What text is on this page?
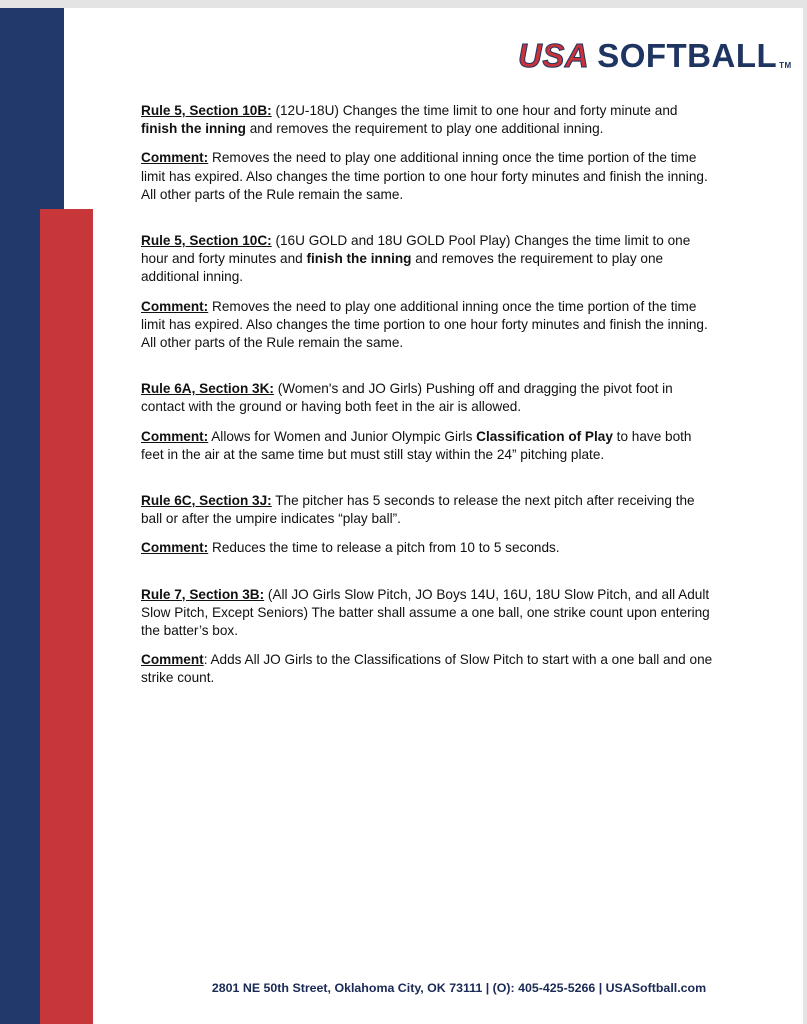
USA SOFTBALL TM

Rule 5, Section 10B: (12U-18U) Changes the time limit to one hour and forty minute and finish the inning and removes the requirement to play one additional inning.

Comment: Removes the need to play one additional inning once the time portion of the time limit has expired. Also changes the time portion to one hour forty minutes and finish the inning. All other parts of the Rule remain the same.

Rule 5, Section 10C: (16U GOLD and 18U GOLD Pool Play) Changes the time limit to one hour and forty minutes and finish the inning and removes the requirement to play one additional inning.

Comment: Removes the need to play one additional inning once the time portion of the time limit has expired. Also changes the time portion to one hour forty minutes and finish the inning. All other parts of the Rule remain the same.

Rule 6A, Section 3K: (Women's and JO Girls) Pushing off and dragging the pivot foot in contact with the ground or having both feet in the air is allowed.

Comment: Allows for Women and Junior Olympic Girls Classification of Play to have both feet in the air at the same time but must still stay within the 24” pitching plate.

Rule 6C, Section 3J: The pitcher has 5 seconds to release the next pitch after receiving the ball or after the umpire indicates “play ball”.

Comment: Reduces the time to release a pitch from 10 to 5 seconds.

Rule 7, Section 3B: (All JO Girls Slow Pitch, JO Boys 14U, 16U, 18U Slow Pitch, and all Adult Slow Pitch, Except Seniors) The batter shall assume a one ball, one strike count upon entering the batter’s box.

Comment: Adds All JO Girls to the Classifications of Slow Pitch to start with a one ball and one strike count.

2801 NE 50th Street, Oklahoma City, OK 73111 | (O): 405-425-5266 | USASoftball.com
